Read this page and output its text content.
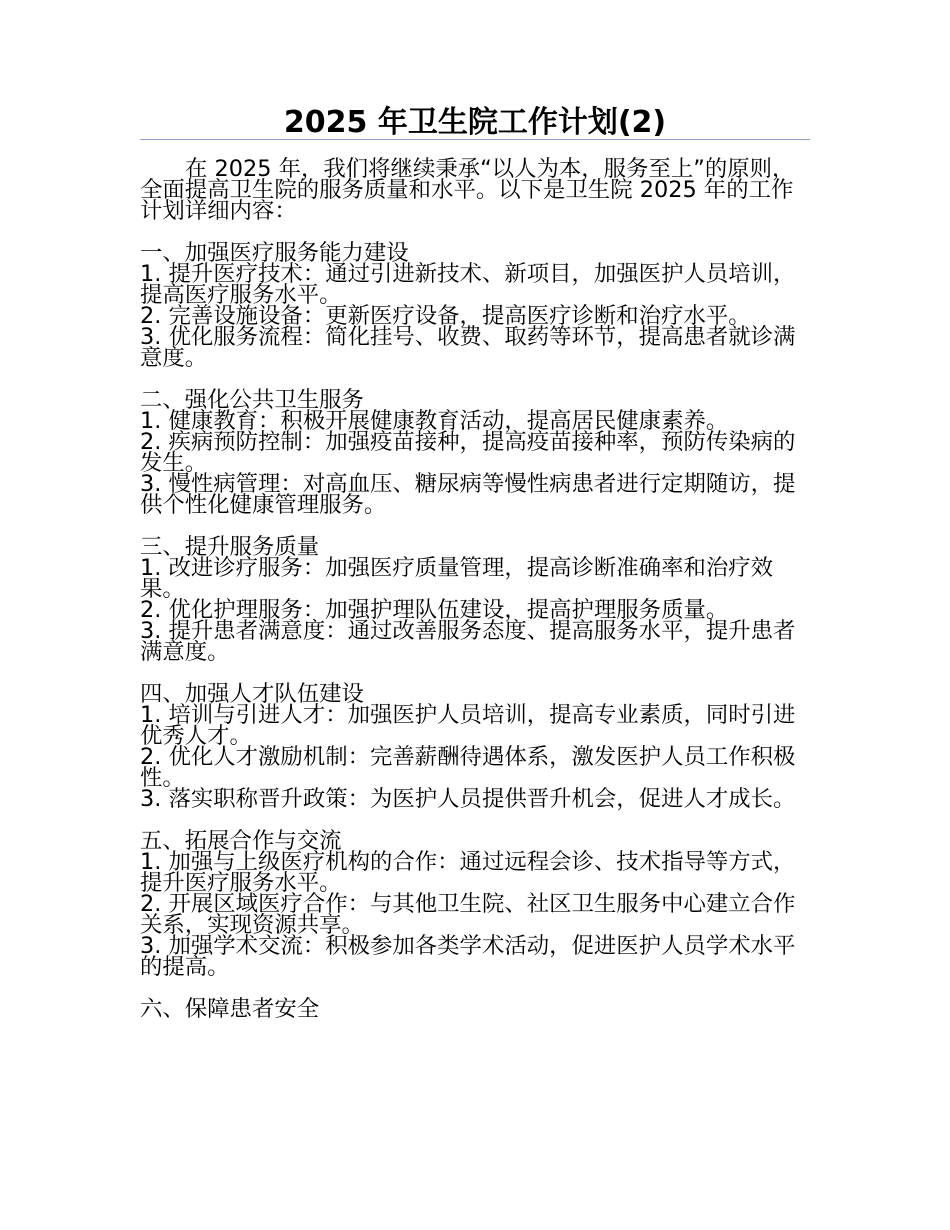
2025 年卫生院工作计划(2)

在 2025 年，我们将继续秉承“以人为本，服务至上”的原则，全面提高卫生院的服务质量和水平。以下是卫生院 2025 年的工作计划详细内容：

一、加强医疗服务能力建设

1. 提升医疗技术：通过引进新技术、新项目，加强医护人员培训，提高医疗服务水平。

2. 完善设施设备：更新医疗设备，提高医疗诊断和治疗水平。

3. 优化服务流程：简化挂号、收费、取药等环节，提高患者就诊满意度。

二、强化公共卫生服务

1. 健康教育：积极开展健康教育活动，提高居民健康素养。

2. 疾病预防控制：加强疫苗接种，提高疫苗接种率，预防传染病的发生。

3. 慢性病管理：对高血压、糖尿病等慢性病患者进行定期随访，提供个性化健康管理服务。

三、提升服务质量

1. 改进诊疗服务：加强医疗质量管理，提高诊断准确率和治疗效果。

2. 优化护理服务：加强护理队伍建设，提高护理服务质量。

3. 提升患者满意度：通过改善服务态度、提高服务水平，提升患者满意度。

四、加强人才队伍建设

1. 培训与引进人才：加强医护人员培训，提高专业素质，同时引进优秀人才。

2. 优化人才激励机制：完善薪酬待遇体系，激发医护人员工作积极性。

3. 落实职称晋升政策：为医护人员提供晋升机会，促进人才成长。

五、拓展合作与交流

1. 加强与上级医疗机构的合作：通过远程会诊、技术指导等方式，提升医疗服务水平。

2. 开展区域医疗合作：与其他卫生院、社区卫生服务中心建立合作关系，实现资源共享。

3. 加强学术交流：积极参加各类学术活动，促进医护人员学术水平的提高。

六、保障患者安全
